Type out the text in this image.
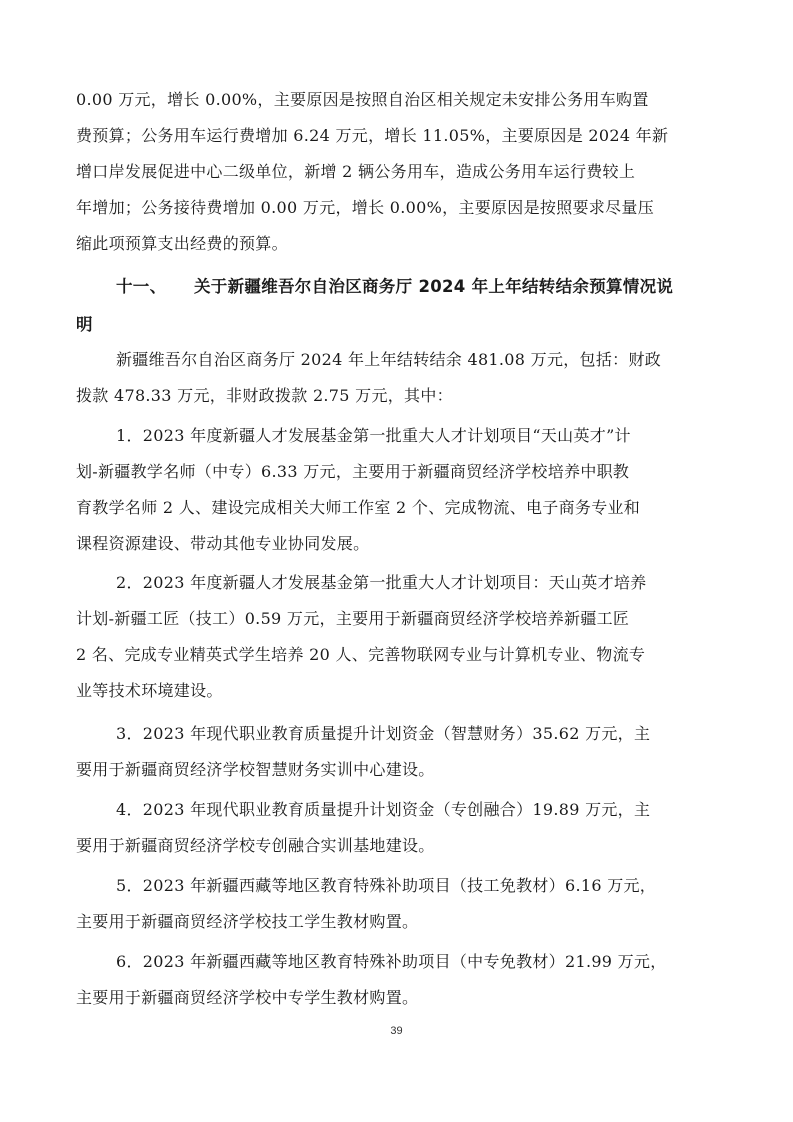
0.00 万元，增长 0.00%，主要原因是按照自治区相关规定未安排公务用车购置
费预算；公务用车运行费增加 6.24 万元，增长 11.05%，主要原因是 2024 年新
增口岸发展促进中心二级单位，新增 2 辆公务用车，造成公务用车运行费较上
年增加；公务接待费增加 0.00 万元，增长 0.00%，主要原因是按照要求尽量压
缩此项预算支出经费的预算。
十一、 关于新疆维吾尔自治区商务厅 2024 年上年结转结余预算情况说
明
新疆维吾尔自治区商务厅 2024 年上年结转结余 481.08 万元，包括：财政
拨款 478.33 万元，非财政拨款 2.75 万元，其中：
1．2023 年度新疆人才发展基金第一批重大人才计划项目“天山英才”计
划-新疆教学名师（中专）6.33 万元，主要用于新疆商贸经济学校培养中职教
育教学名师 2 人、建设完成相关大师工作室 2 个、完成物流、电子商务专业和
课程资源建设、带动其他专业协同发展。
2．2023 年度新疆人才发展基金第一批重大人才计划项目：天山英才培养
计划-新疆工匠（技工）0.59 万元，主要用于新疆商贸经济学校培养新疆工匠
2 名、完成专业精英式学生培养 20 人、完善物联网专业与计算机专业、物流专
业等技术环境建设。
3．2023 年现代职业教育质量提升计划资金（智慧财务）35.62 万元，主
要用于新疆商贸经济学校智慧财务实训中心建设。
4．2023 年现代职业教育质量提升计划资金（专创融合）19.89 万元，主
要用于新疆商贸经济学校专创融合实训基地建设。
5．2023 年新疆西藏等地区教育特殊补助项目（技工免教材）6.16 万元，
主要用于新疆商贸经济学校技工学生教材购置。
6．2023 年新疆西藏等地区教育特殊补助项目（中专免教材）21.99 万元，
主要用于新疆商贸经济学校中专学生教材购置。
39
